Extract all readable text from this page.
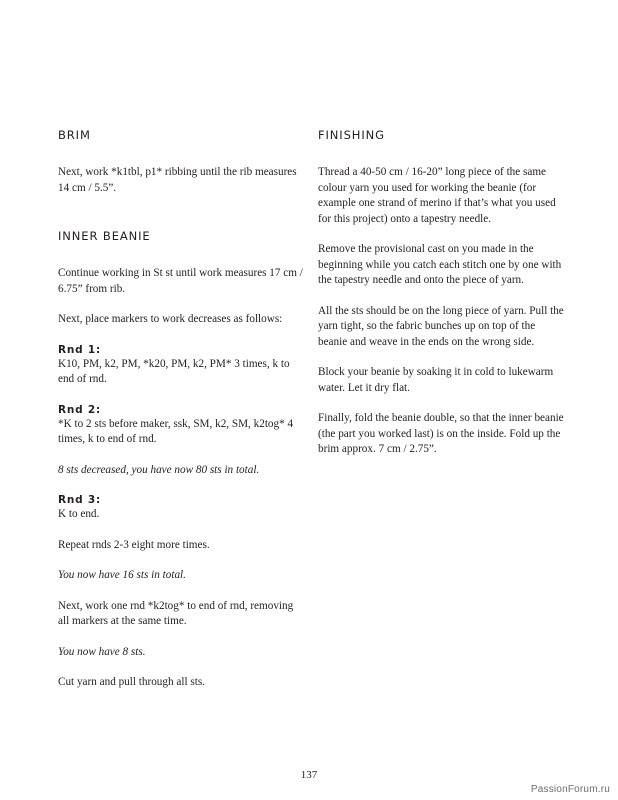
BRIM

Next, work *k1tbl, p1* ribbing until the rib measures 14 cm / 5.5”.

INNER BEANIE

Continue working in St st until work measures 17 cm / 6.75” from rib.

Next, place markers to work decreases as follows:

Rnd 1:

K10, PM, k2, PM, *k20, PM, k2, PM* 3 times, k to end of rnd.

Rnd 2:

*K to 2 sts before maker, ssk, SM, k2, SM, k2tog* 4 times, k to end of rnd.

8 sts decreased, you have now 80 sts in total.

Rnd 3:

K to end.

Repeat rnds 2-3 eight more times.

You now have 16 sts in total.

Next, work one rnd *k2tog* to end of rnd, removing all markers at the same time.

You now have 8 sts.

Cut yarn and pull through all sts.

FINISHING

Thread a 40-50 cm / 16-20” long piece of the same colour yarn you used for working the beanie (for example one strand of merino if that’s what you used for this project) onto a tapestry needle.

Remove the provisional cast on you made in the beginning while you catch each stitch one by one with the tapestry needle and onto the piece of yarn.

All the sts should be on the long piece of yarn. Pull the yarn tight, so the fabric bunches up on top of the beanie and weave in the ends on the wrong side.

Block your beanie by soaking it in cold to lukewarm water. Let it dry flat.

Finally, fold the beanie double, so that the inner beanie (the part you worked last) is on the inside. Fold up the brim approx. 7 cm / 2.75”.

137
PassionForum.ru
